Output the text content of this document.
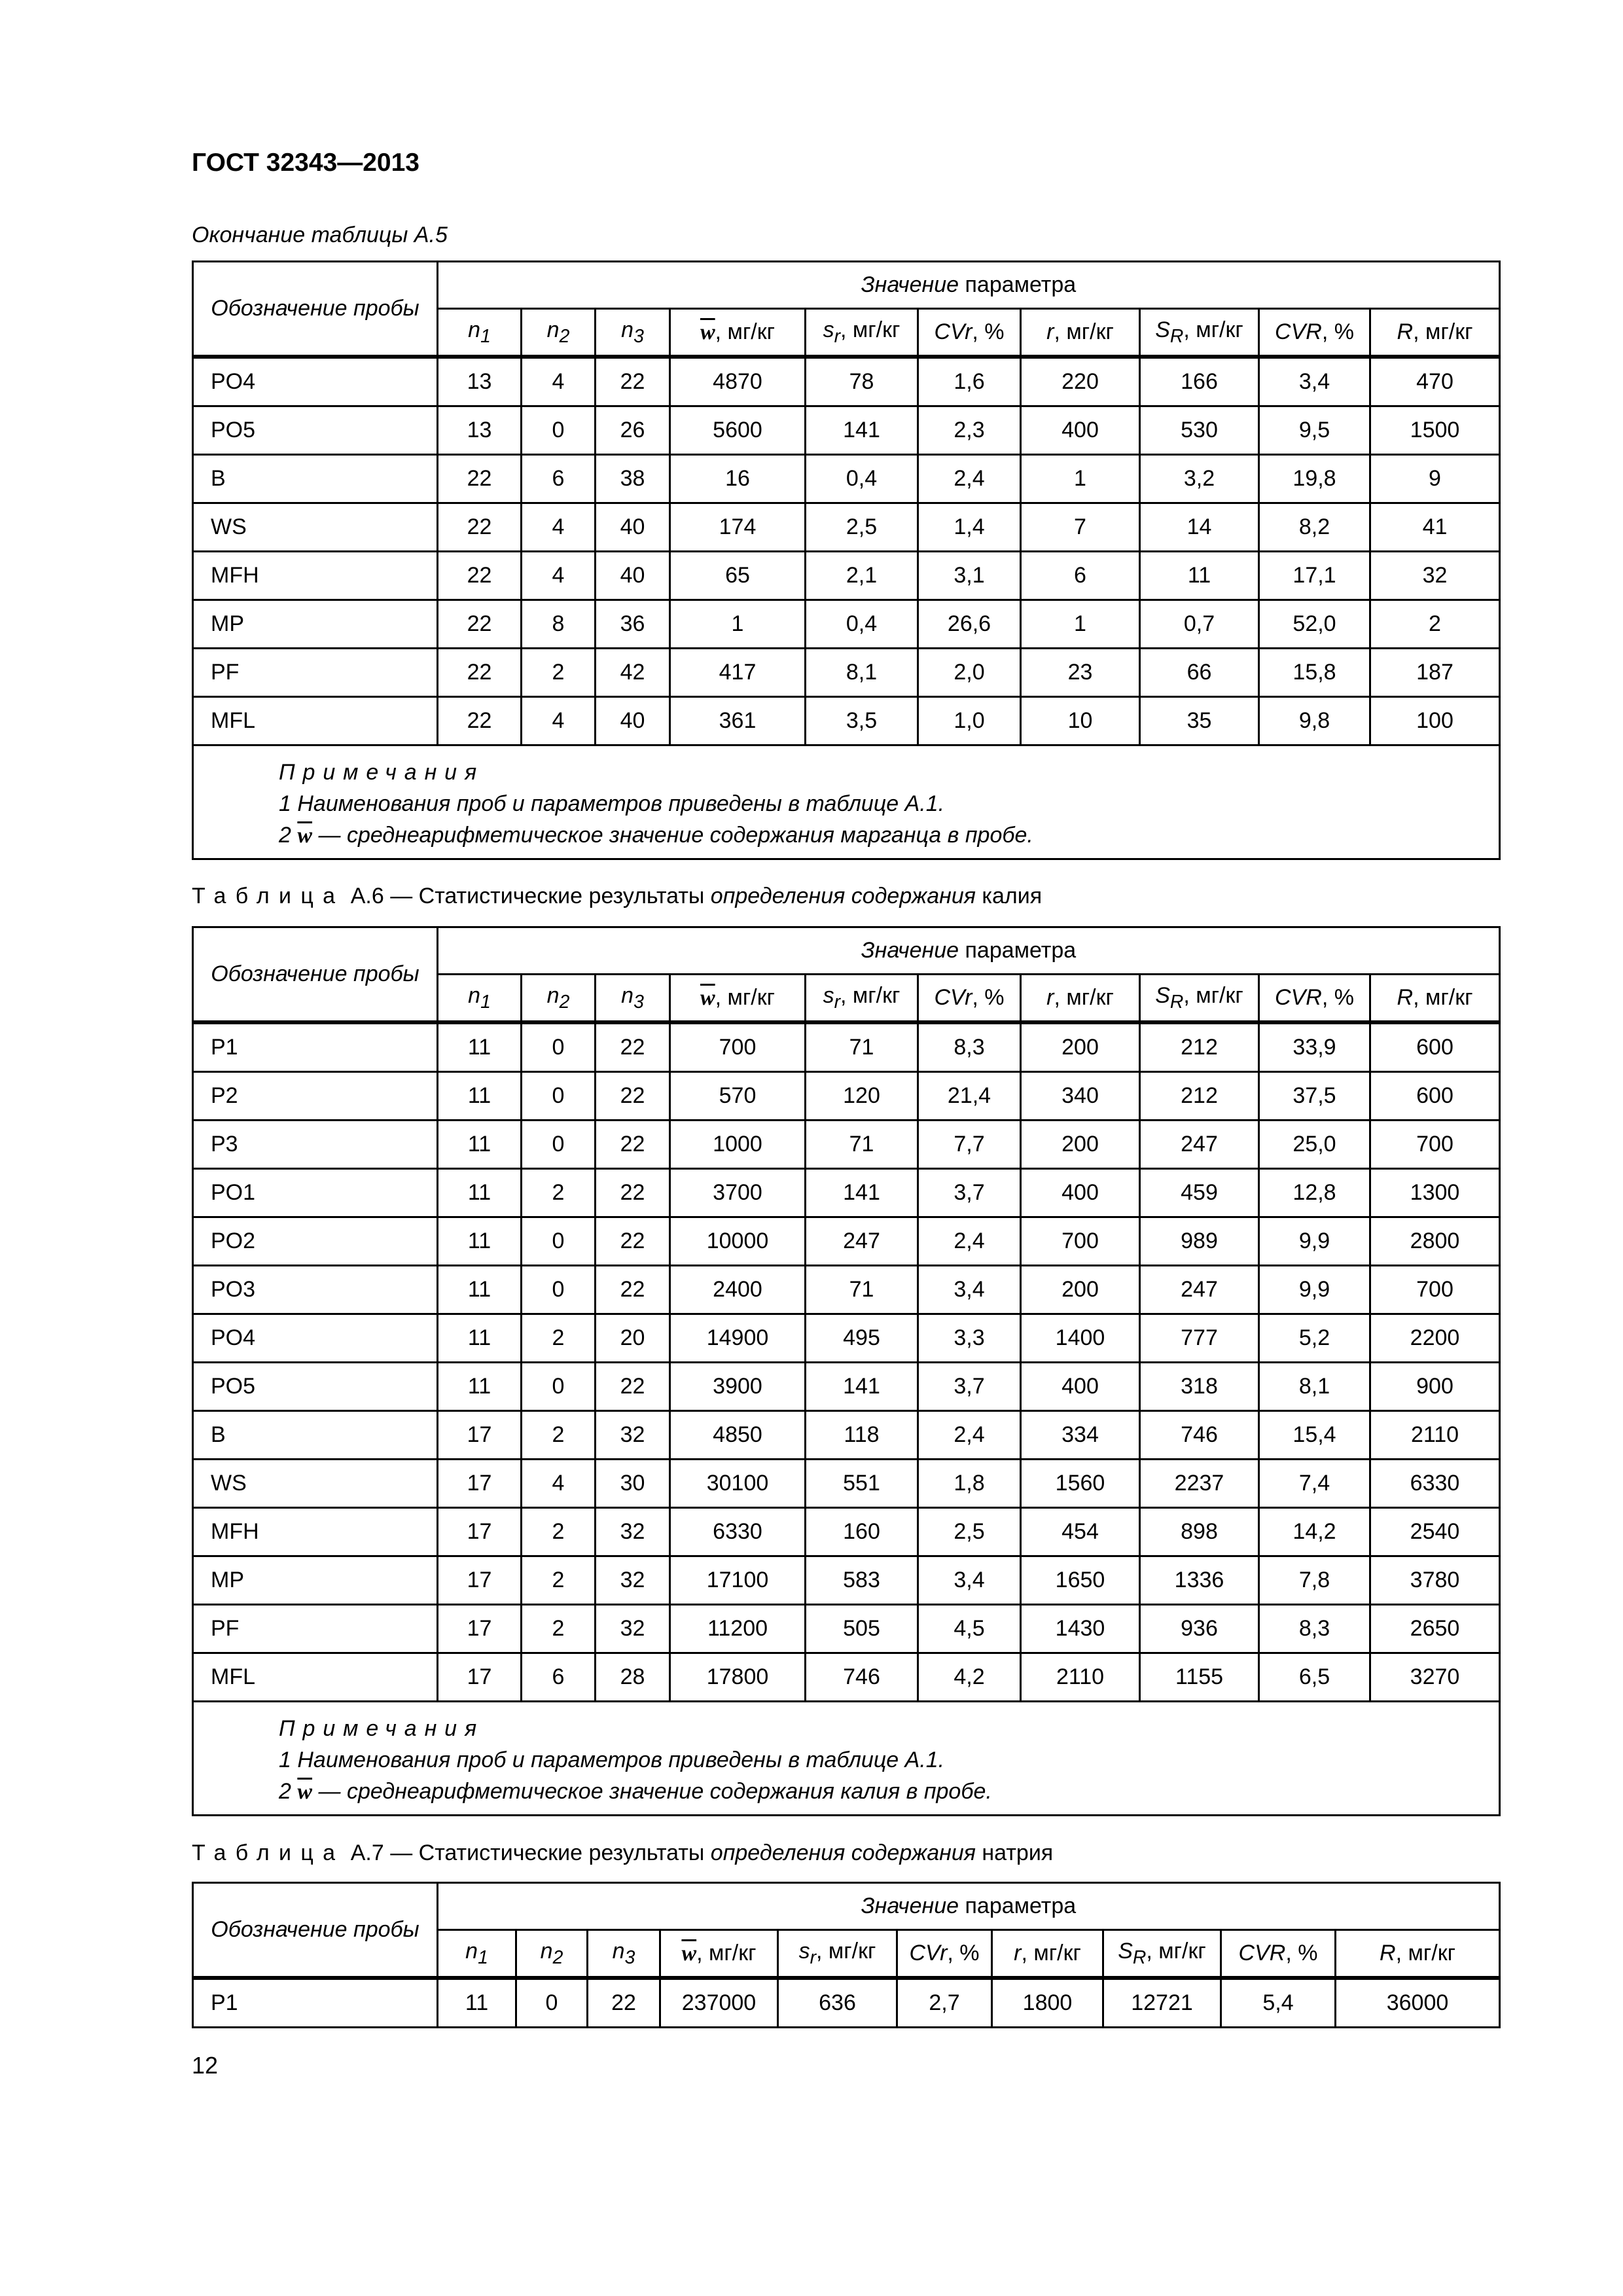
ГОСТ 32343—2013
Окончание таблицы А.5
Обозначение пробы	Значение параметра									
	$n_1$	$n_2$	$n_3$	$\overline{w}$, мг/кг	$s_r$, мг/кг	CVr, %	r, мг/кг	$S_R$, мг/кг	CVR, %	R, мг/кг
PO4	13	4	22	4870	78	1,6	220	166	3,4	470
PO5	13	0	26	5600	141	2,3	400	530	9,5	1500
B	22	6	38	16	0,4	2,4	1	3,2	19,8	9
WS	22	4	40	174	2,5	1,4	7	14	8,2	41
MFH	22	4	40	65	2,1	3,1	6	11	17,1	32
MP	22	8	36	1	0,4	26,6	1	0,7	52,0	2
PF	22	2	42	417	8,1	2,0	23	66	15,8	187
MFL	22	4	40	361	3,5	1,0	10	35	9,8	100

Примечания
1 Наименования проб и параметров приведены в таблице А.1.
2 $\overline{w}$ — среднеарифметическое значение содержания марганца в пробе.										
Таблица А.6 — Статистические результаты определения содержания калия
Обозначение пробы	Значение параметра									
	$n_1$	$n_2$	$n_3$	$\overline{w}$, мг/кг	$s_r$, мг/кг	CVr, %	r, мг/кг	$S_R$, мг/кг	CVR, %	R, мг/кг
P1	11	0	22	700	71	8,3	200	212	33,9	600
P2	11	0	22	570	120	21,4	340	212	37,5	600
P3	11	0	22	1000	71	7,7	200	247	25,0	700
PO1	11	2	22	3700	141	3,7	400	459	12,8	1300
PO2	11	0	22	10000	247	2,4	700	989	9,9	2800
PO3	11	0	22	2400	71	3,4	200	247	9,9	700
PO4	11	2	20	14900	495	3,3	1400	777	5,2	2200
PO5	11	0	22	3900	141	3,7	400	318	8,1	900
B	17	2	32	4850	118	2,4	334	746	15,4	2110
WS	17	4	30	30100	551	1,8	1560	2237	7,4	6330
MFH	17	2	32	6330	160	2,5	454	898	14,2	2540
MP	17	2	32	17100	583	3,4	1650	1336	7,8	3780
PF	17	2	32	11200	505	4,5	1430	936	8,3	2650
MFL	17	6	28	17800	746	4,2	2110	1155	6,5	3270

Примечания
1 Наименования проб и параметров приведены в таблице А.1.
2 $\overline{w}$ — среднеарифметическое значение содержания калия в пробе.										
Таблица А.7 — Статистические результаты определения содержания натрия
Обозначение пробы	Значение параметра									
	$n_1$	$n_2$	$n_3$	$\overline{w}$, мг/кг	$s_r$, мг/кг	CVr, %	r, мг/кг	$S_R$, мг/кг	CVR, %	R, мг/кг
P1	11	0	22	237000	636	2,7	1800	12721	5,4	36000
12
